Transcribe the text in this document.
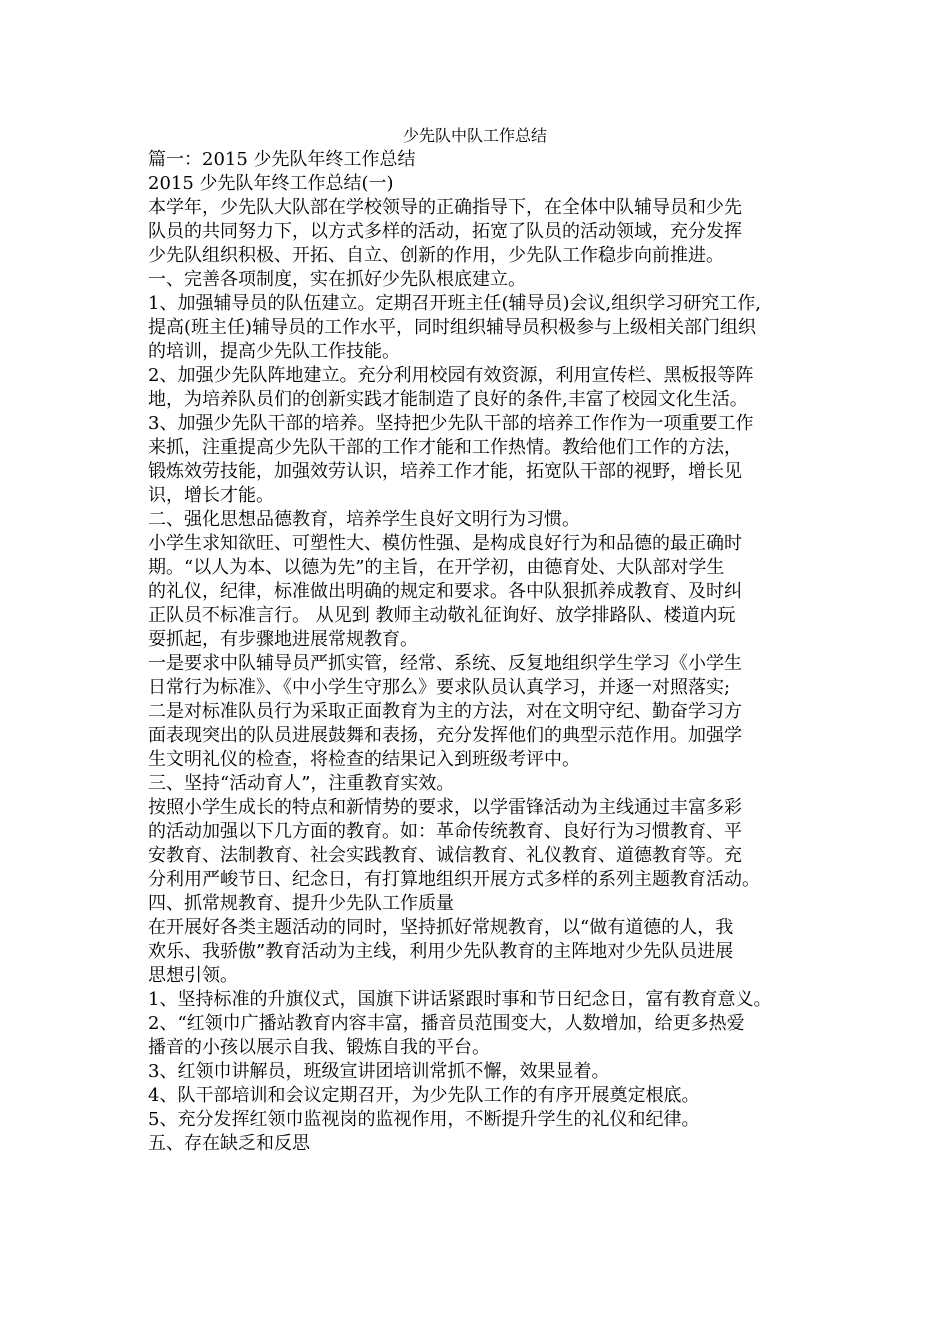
少先队中队工作总结
篇一：2015 少先队年终工作总结
2015 少先队年终工作总结(一)
本学年，少先队大队部在学校领导的正确指导下，在全体中队辅导员和少先
队员的共同努力下，以方式多样的活动，拓宽了队员的活动领域，充分发挥
少先队组织积极、开拓、自立、创新的作用，少先队工作稳步向前推进。
一、完善各项制度，实在抓好少先队根底建立。
1、加强辅导员的队伍建立。定期召开班主任(辅导员)会议,组织学习研究工作,
提高(班主任)辅导员的工作水平，同时组织辅导员积极参与上级相关部门组织
的培训，提高少先队工作技能。
2、加强少先队阵地建立。充分利用校园有效资源，利用宣传栏、黑板报等阵
地，为培养队员们的创新实践才能制造了良好的条件,丰富了校园文化生活。
3、加强少先队干部的培养。坚持把少先队干部的培养工作作为一项重要工作
来抓，注重提高少先队干部的工作才能和工作热情。教给他们工作的方法，
锻炼效劳技能，加强效劳认识，培养工作才能，拓宽队干部的视野，增长见
识，增长才能。
二、强化思想品德教育，培养学生良好文明行为习惯。
小学生求知欲旺、可塑性大、模仿性强、是构成良好行为和品德的最正确时
期。“以人为本、以德为先”的主旨，在开学初，由德育处、大队部对学生
的礼仪，纪律，标准做出明确的规定和要求。各中队狠抓养成教育、及时纠
正队员不标准言行。 从见到 教师主动敬礼征询好、放学排路队、楼道内玩
耍抓起，有步骤地进展常规教育。
一是要求中队辅导员严抓实管，经常、系统、反复地组织学生学习《小学生
日常行为标准》、《中小学生守那么》要求队员认真学习，并逐一对照落实;
二是对标准队员行为采取正面教育为主的方法，对在文明守纪、勤奋学习方
面表现突出的队员进展鼓舞和表扬，充分发挥他们的典型示范作用。加强学
生文明礼仪的检查，将检查的结果记入到班级考评中。
三、坚持“活动育人”，注重教育实效。
按照小学生成长的特点和新情势的要求，以学雷锋活动为主线通过丰富多彩
的活动加强以下几方面的教育。如：革命传统教育、良好行为习惯教育、平
安教育、法制教育、社会实践教育、诚信教育、礼仪教育、道德教育等。充
分利用严峻节日、纪念日，有打算地组织开展方式多样的系列主题教育活动。
四、抓常规教育、提升少先队工作质量
在开展好各类主题活动的同时，坚持抓好常规教育，以“做有道德的人，我
欢乐、我骄傲”教育活动为主线，利用少先队教育的主阵地对少先队员进展
思想引领。
1、坚持标准的升旗仪式，国旗下讲话紧跟时事和节日纪念日，富有教育意义。
2、“红领巾广播站教育内容丰富，播音员范围变大，人数增加，给更多热爱
播音的小孩以展示自我、锻炼自我的平台。
3、红领巾讲解员，班级宣讲团培训常抓不懈，效果显着。
4、队干部培训和会议定期召开，为少先队工作的有序开展奠定根底。
5、充分发挥红领巾监视岗的监视作用，不断提升学生的礼仪和纪律。
五、存在缺乏和反思
